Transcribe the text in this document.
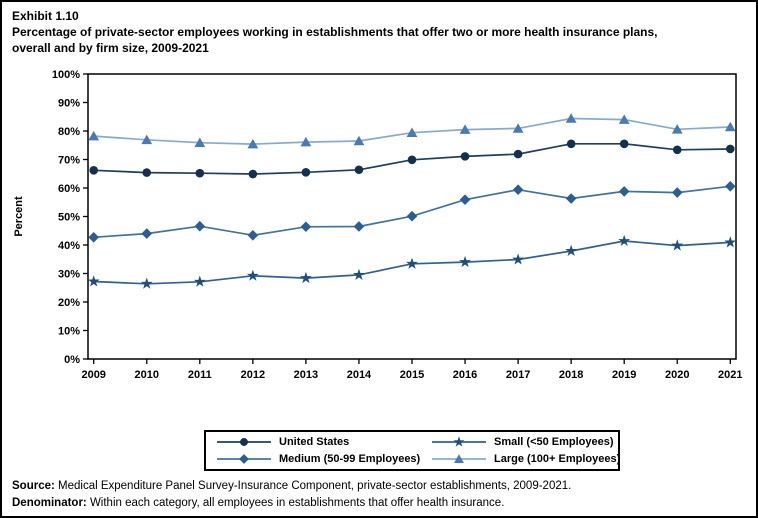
Exhibit 1.10
Percentage of private-sector employees working in establishments that offer two or more health insurance plans,
overall and by firm size, 2009-2021
0%
10%
20%
30%
40%
50%
60%
70%
80%
90%
100%
Percent
2009	2010	2011	2012	2013	2014	2015	2016	2017	2018	2019	2020	2021
United States	Small (<50 Employees)
Medium (50-99 Employees)	Large (100+ Employees)
Source: Medical Expenditure Panel Survey-Insurance Component, private-sector establishments, 2009-2021.
Denominator: Within each category, all employees in establishments that offer health insurance.
